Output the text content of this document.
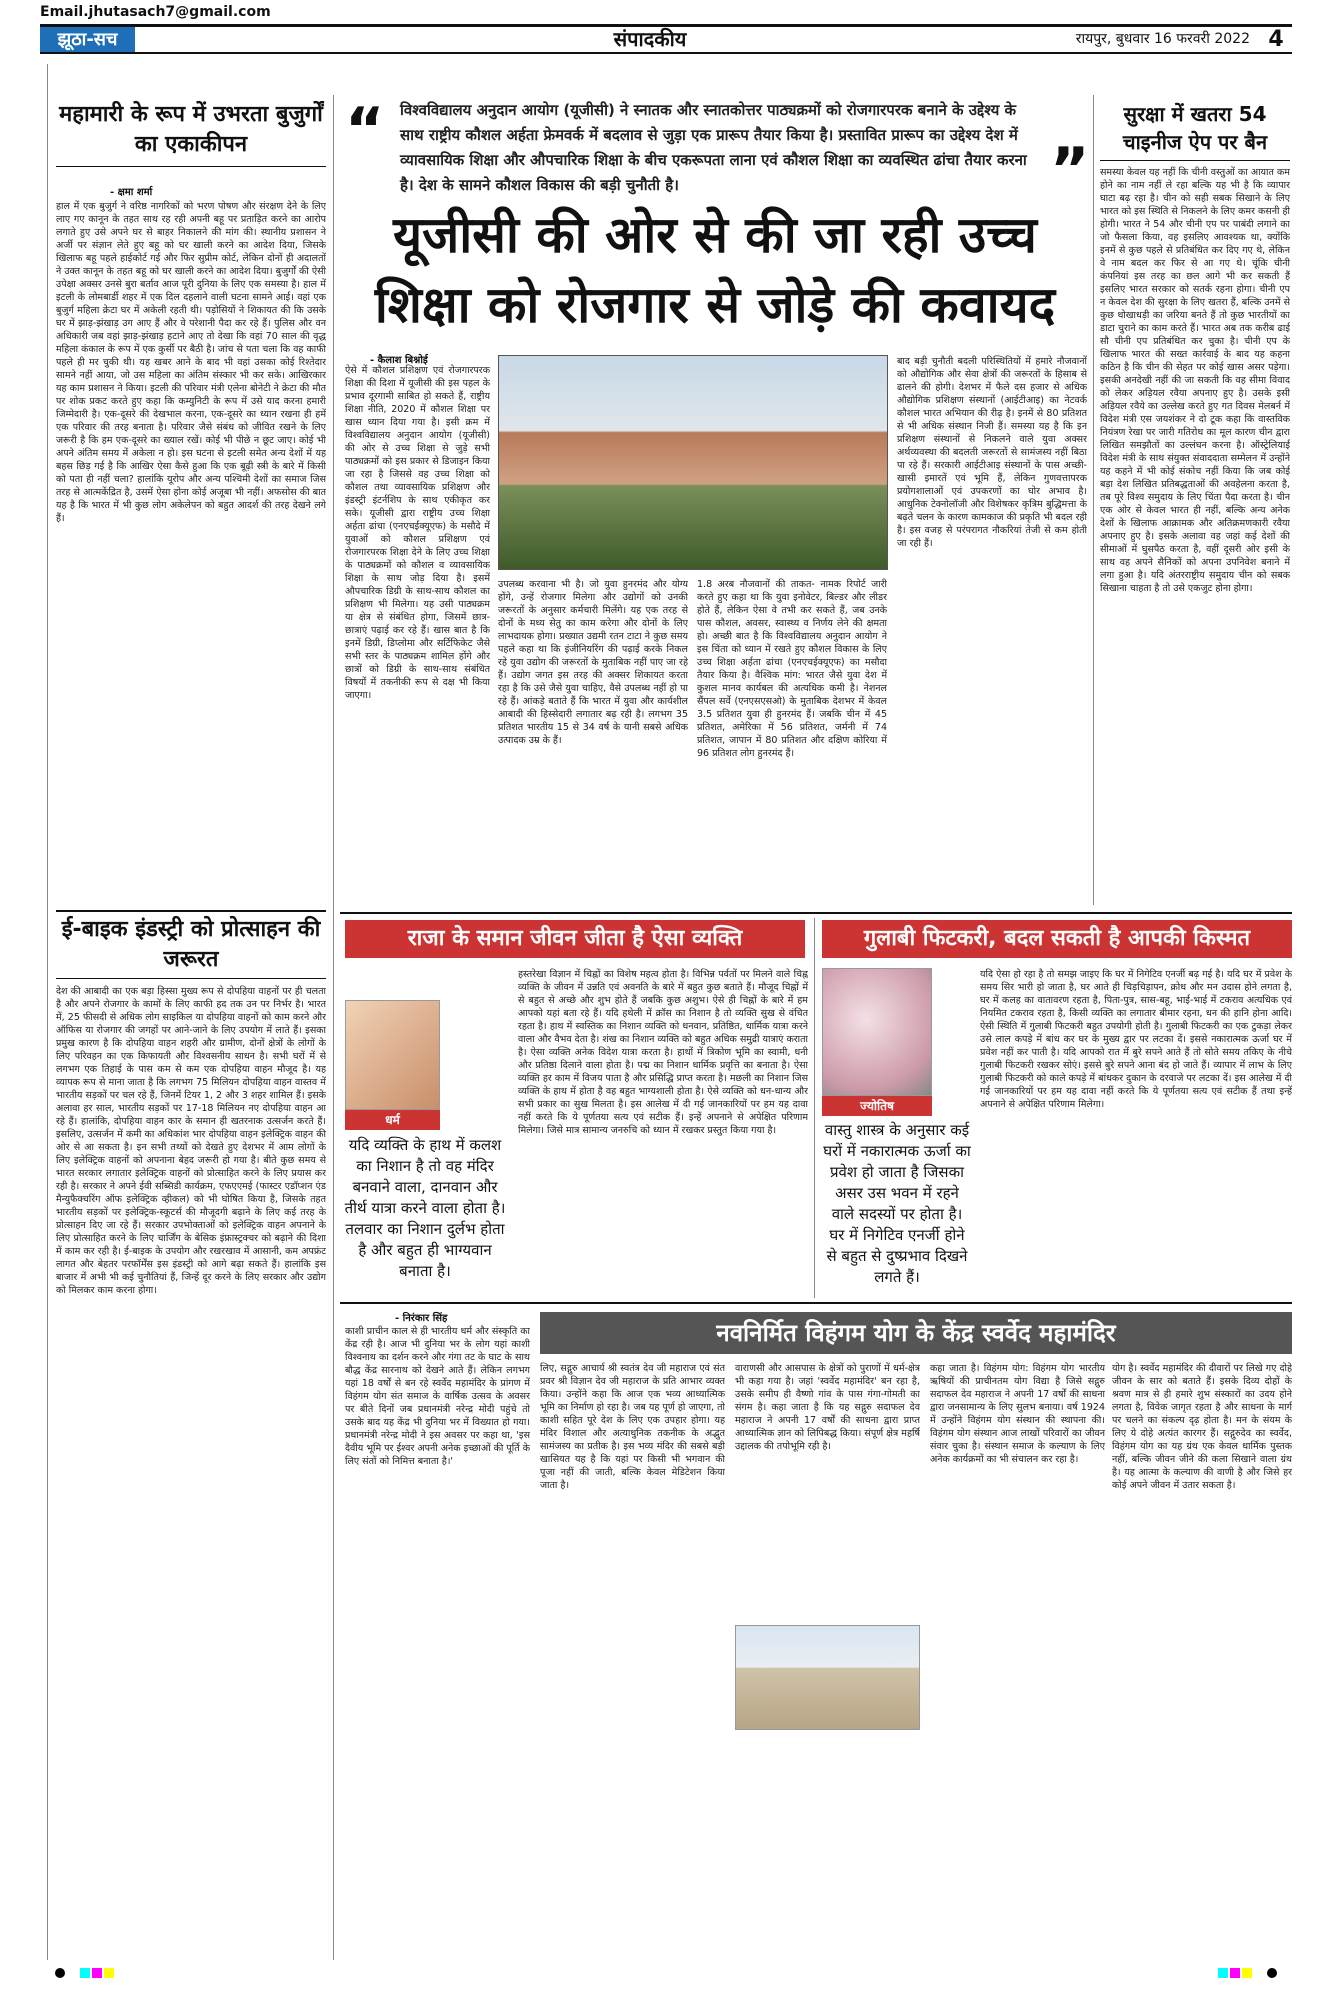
Email.jhutasach7@gmail.com
झूठा-सच	संपादकीय	रायपुर, बुधवार 16 फरवरी 2022 4
महामारी के रूप में उभरता बुजुर्गों का एकाकीपन
- क्षमा शर्मा
हाल में एक बुजुर्ग ने वरिष्ठ नागरिकों को भरण पोषण और संरक्षण देने के लिए लाए गए कानून के तहत साथ रह रही अपनी बहू पर प्रताड़ित करने का आरोप लगाते हुए उसे अपने घर से बाहर निकालने की मांग की। स्थानीय प्रशासन ने अर्जी पर संज्ञान लेते हुए बहू को घर खाली करने का आदेश दिया, जिसके खिलाफ बहू पहले हाईकोर्ट गई और फिर सुप्रीम कोर्ट, लेकिन दोनों ही अदालतों ने उक्त कानून के तहत बहू को घर खाली करने का आदेश दिया। बुजुर्गों की ऐसी उपेक्षा अक्सर उनसे बुरा बर्ताव आज पूरी दुनिया के लिए एक समस्या है। हाल में इटली के लोमबार्डी शहर में एक दिल दहलाने वाली घटना सामने आई। वहां एक बुजुर्ग महिला क्रेटा घर में अकेली रहती थी। पड़ोसियों ने शिकायत की कि उसके घर में झाड़-झंखाड़ उग आए हैं और वे परेशानी पैदा कर रहे हैं। पुलिस और वन अधिकारी जब वहां झाड़-झंखाड़ हटाने आए तो देखा कि वहां 70 साल की वृद्ध महिला कंकाल के रूप में एक कुर्सी पर बैठी है। जांच से पता चला कि वह काफी पहले ही मर चुकी थी। यह खबर आने के बाद भी वहां उसका कोई रिश्तेदार सामने नहीं आया, जो उस महिला का अंतिम संस्कार भी कर सके। आखिरकार यह काम प्रशासन ने किया। इटली की परिवार मंत्री एलेना बोनेटी ने क्रेटा की मौत पर शोक प्रकट करते हुए कहा कि कम्युनिटी के रूप में उसे याद करना हमारी जिम्मेदारी है। एक-दूसरे की देखभाल करना, एक-दूसरे का ध्यान रखना ही हमें एक परिवार की तरह बनाता है। परिवार जैसे संबंध को जीवित रखने के लिए जरूरी है कि हम एक-दूसरे का ख्याल रखें। कोई भी पीछे न छूट जाए। कोई भी अपने अंतिम समय में अकेला न हो। इस घटना से इटली समेत अन्य देशों में यह बहस छिड़ गई है कि आखिर ऐसा कैसे हुआ कि एक बूढ़ी स्त्री के बारे में किसी को पता ही नहीं चला? हालांकि यूरोप और अन्य पश्चिमी देशों का समाज जिस तरह से आत्मकेंद्रित है, उसमें ऐसा होना कोई अजूबा भी नहीं। अफसोस की बात यह है कि भारत में भी कुछ लोग अकेलेपन को बहुत आदर्श की तरह देखने लगे हैं।
ई-बाइक इंडस्ट्री को प्रोत्साहन की जरूरत
देश की आबादी का एक बड़ा हिस्सा मुख्य रूप से दोपहिया वाहनों पर ही चलता है और अपने रोजगार के कामों के लिए काफी हद तक उन पर निर्भर है। भारत में, 25 फीसदी से अधिक लोग साइकिल या दोपहिया वाहनों को काम करने और ऑफिस या रोजगार की जगहों पर आने-जाने के लिए उपयोग में लाते हैं। इसका प्रमुख कारण है कि दोपहिया वाहन शहरी और ग्रामीण, दोनों क्षेत्रों के लोगों के लिए परिवहन का एक किफायती और विश्वसनीय साधन है। सभी घरों में से लगभग एक तिहाई के पास कम से कम एक दोपहिया वाहन मौजूद है। यह व्यापक रूप से माना जाता है कि लगभग 75 मिलियन दोपहिया वाहन वास्तव में भारतीय सड़कों पर चल रहे हैं, जिनमें टियर 1, 2 और 3 शहर शामिल हैं। इसके अलावा हर साल, भारतीय सड़कों पर 17-18 मिलियन नए दोपहिया वाहन आ रहे हैं। हालांकि, दोपहिया वाहन कार के समान ही खतरनाक उत्सर्जन करते हैं। इसलिए, उत्सर्जन में कमी का अधिकांश भार दोपहिया वाहन इलेक्ट्रिक वाहन की ओर से आ सकता है। इन सभी तथ्यों को देखते हुए देशभर में आम लोगों के लिए इलेक्ट्रिक वाहनों को अपनाना बेहद जरूरी हो गया है। बीते कुछ समय से भारत सरकार लगातार इलेक्ट्रिक वाहनों को प्रोत्साहित करने के लिए प्रयास कर रही है। सरकार ने अपने ईवी सब्सिडी कार्यक्रम, एफएएमई (फास्टर एडॉप्शन एंड मैन्युफैक्चरिंग ऑफ इलेक्ट्रिक व्हीकल) को भी घोषित किया है, जिसके तहत भारतीय सड़कों पर इलेक्ट्रिक-स्कूटर्स की मौजूदगी बढ़ाने के लिए कई तरह के प्रोत्साहन दिए जा रहे हैं। सरकार उपभोक्ताओं को इलेक्ट्रिक वाहन अपनाने के लिए प्रोत्साहित करने के लिए चार्जिंग के बेसिक इंफ्रास्ट्रक्चर को बढ़ाने की दिशा में काम कर रही है। ई-बाइक के उपयोग और रखरखाव में आसानी, कम अपफ्रंट लागत और बेहतर परफॉर्मेंस इस इंडस्ट्री को आगे बढ़ा सकते हैं। हालांकि इस बाजार में अभी भी कई चुनौतियां हैं, जिन्हें दूर करने के लिए सरकार और उद्योग को मिलकर काम करना होगा।
“ विश्वविद्यालय अनुदान आयोग (यूजीसी) ने स्नातक और स्नातकोत्तर पाठ्यक्रमों को रोजगारपरक बनाने के उद्देश्य के साथ राष्ट्रीय कौशल अर्हता फ्रेमवर्क में बदलाव से जुड़ा एक प्रारूप तैयार किया है। प्रस्तावित प्रारूप का उद्देश्य देश में व्यावसायिक शिक्षा और औपचारिक शिक्षा के बीच एकरूपता लाना एवं कौशल शिक्षा का व्यवस्थित ढांचा तैयार करना है। देश के सामने कौशल विकास की बड़ी चुनौती है।	”
यूजीसी की ओर से की जा रही उच्च शिक्षा को रोजगार से जोड़े की कवायद
- कैलाश बिश्नोई
ऐसे में कौशल प्रशिक्षण एवं रोजगारपरक शिक्षा की दिशा में यूजीसी की इस पहल के प्रभाव दूरगामी साबित हो सकते हैं, राष्ट्रीय शिक्षा नीति, 2020 में कौशल शिक्षा पर खास ध्यान दिया गया है। इसी क्रम में विश्वविद्यालय अनुदान आयोग (यूजीसी) की ओर से उच्च शिक्षा से जुड़े सभी पाठ्यक्रमों को इस प्रकार से डिजाइन किया जा रहा है जिससे वह उच्च शिक्षा को कौशल तथा व्यावसायिक प्रशिक्षण और इंडस्ट्री इंटर्नशिप के साथ एकीकृत कर सके। यूजीसी द्वारा राष्ट्रीय उच्च शिक्षा अर्हता ढांचा (एनएचईक्यूएफ) के मसौदे में युवाओं को कौशल प्रशिक्षण एवं रोजगारपरक शिक्षा देने के लिए उच्च शिक्षा के पाठ्यक्रमों को कौशल व व्यावसायिक शिक्षा के साथ जोड़ दिया है। इसमें औपचारिक डिग्री के साथ-साथ कौशल का प्रशिक्षण भी मिलेगा। यह उसी पाठ्यक्रम या क्षेत्र से संबंधित होगा, जिसमें छात्र-छात्राएं पढ़ाई कर रहे हैं। खास बात है कि इनमें डिग्री, डिप्लोमा और सर्टिफिकेट जैसे सभी स्तर के पाठ्यक्रम शामिल होंगे और छात्रों को डिग्री के साथ-साथ संबंधित विषयों में तकनीकी रूप से दक्ष भी किया जाएगा।
उपलब्ध करवाना भी है। जो युवा हुनरमंद और योग्य होंगे, उन्हें रोजगार मिलेगा और उद्योगों को उनकी जरूरतों के अनुसार कर्मचारी मिलेंगे। यह एक तरह से दोनों के मध्य सेतु का काम करेगा और दोनों के लिए लाभदायक होगा। प्रख्यात उद्यमी रतन टाटा ने कुछ समय पहले कहा था कि इंजीनियरिंग की पढ़ाई करके निकल रहे युवा उद्योग की जरूरतों के मुताबिक नहीं पाए जा रहे हैं। उद्योग जगत इस तरह की अक्सर शिकायत करता रहा है कि उसे जैसे युवा चाहिए, वैसे उपलब्ध नहीं हो पा रहे हैं। आंकड़े बताते हैं कि भारत में युवा और कार्यशील आबादी की हिस्सेदारी लगातार बढ़ रही है। लगभग 35 प्रतिशत भारतीय 15 से 34 वर्ष के यानी सबसे अधिक उत्पादक उम्र के हैं।
1.8 अरब नौजवानों की ताकत- नामक रिपोर्ट जारी करते हुए कहा था कि युवा इनोवेटर, बिल्डर और लीडर होते हैं, लेकिन ऐसा वे तभी कर सकते हैं, जब उनके पास कौशल, अवसर, स्वास्थ्य व निर्णय लेने की क्षमता हो। अच्छी बात है कि विश्वविद्यालय अनुदान आयोग ने इस चिंता को ध्यान में रखते हुए कौशल विकास के लिए उच्च शिक्षा अर्हता ढांचा (एनएचईक्यूएफ) का मसौदा तैयार किया है। वैश्विक मांग: भारत जैसे युवा देश में कुशल मानव कार्यबल की अत्यधिक कमी है। नेशनल सैंपल सर्वे (एनएसएसओ) के मुताबिक देशभर में केवल 3.5 प्रतिशत युवा ही हुनरमंद हैं। जबकि चीन में 45 प्रतिशत, अमेरिका में 56 प्रतिशत, जर्मनी में 74 प्रतिशत, जापान में 80 प्रतिशत और दक्षिण कोरिया में 96 प्रतिशत लोग हुनरमंद हैं।
बाद बड़ी चुनौती बदली परिस्थितियों में हमारे नौजवानों को औद्योगिक और सेवा क्षेत्रों की जरूरतों के हिसाब से ढालने की होगी। देशभर में फैले दस हजार से अधिक औद्योगिक प्रशिक्षण संस्थानों (आईटीआइ) का नेटवर्क कौशल भारत अभियान की रीढ़ है। इनमें से 80 प्रतिशत से भी अधिक संस्थान निजी हैं। समस्या यह है कि इन प्रशिक्षण संस्थानों से निकलने वाले युवा अक्सर अर्थव्यवस्था की बदलती जरूरतों से सामंजस्य नहीं बिठा पा रहे हैं। सरकारी आईटीआइ संस्थानों के पास अच्छी-खासी इमारतें एवं भूमि हैं, लेकिन गुणवत्तापरक प्रयोगशालाओं एवं उपकरणों का घोर अभाव है। आधुनिक टेक्नोलॉजी और विशेषकर कृत्रिम बुद्धिमत्ता के बढ़ते चलन के कारण कामकाज की प्रकृति भी बदल रही है। इस वजह से परंपरागत नौकरियां तेजी से कम होती जा रही हैं।
सुरक्षा में खतरा 54 चाइनीज ऐप पर बैन
समस्या केवल यह नहीं कि चीनी वस्तुओं का आयात कम होने का नाम नहीं ले रहा बल्कि यह भी है कि व्यापार घाटा बढ़ रहा है। चीन को सही सबक सिखाने के लिए भारत को इस स्थिति से निकलने के लिए कमर कसनी ही होगी। भारत ने 54 और चीनी एप पर पाबंदी लगाने का जो फैसला किया, वह इसलिए आवश्यक था, क्योंकि इनमें से कुछ पहले से प्रतिबंधित कर दिए गए थे, लेकिन वे नाम बदल कर फिर से आ गए थे। चूंकि चीनी कंपनियां इस तरह का छल आगे भी कर सकती हैं इसलिए भारत सरकार को सतर्क रहना होगा। चीनी एप न केवल देश की सुरक्षा के लिए खतरा हैं, बल्कि उनमें से कुछ धोखाधड़ी का जरिया बनते हैं तो कुछ भारतीयों का डाटा चुराने का काम करते हैं। भारत अब तक करीब ढाई सौ चीनी एप प्रतिबंधित कर चुका है। चीनी एप के खिलाफ भारत की सख्त कार्रवाई के बाद यह कहना कठिन है कि चीन की सेहत पर कोई खास असर पड़ेगा। इसकी अनदेखी नहीं की जा सकती कि वह सीमा विवाद को लेकर अड़ियल रवैया अपनाए हुए है। उसके इसी अड़ियल रवैये का उल्लेख करते हुए गत दिवस मेलबर्न में विदेश मंत्री एस जयशंकर ने दो टूक कहा कि वास्तविक नियंत्रण रेखा पर जारी गतिरोध का मूल कारण चीन द्वारा लिखित समझौतों का उल्लंघन करना है। ऑस्ट्रेलियाई विदेश मंत्री के साथ संयुक्त संवाददाता सम्मेलन में उन्होंने यह कहने में भी कोई संकोच नहीं किया कि जब कोई बड़ा देश लिखित प्रतिबद्धताओं की अवहेलना करता है, तब पूरे विश्व समुदाय के लिए चिंता पैदा करता है। चीन एक ओर से केवल भारत ही नहीं, बल्कि अन्य अनेक देशों के खिलाफ आक्रामक और अतिक्रमणकारी रवैया अपनाए हुए है। इसके अलावा वह जहां कई देशों की सीमाओं में घुसपैठ करता है, वहीं दूसरी ओर इसी के साथ वह अपने सैनिकों को अपना उपनिवेश बनाने में लगा हुआ है। यदि अंतरराष्ट्रीय समुदाय चीन को सबक सिखाना चाहता है तो उसे एकजुट होना होगा।
राजा के समान जीवन जीता है ऐसा व्यक्ति
धर्म
यदि व्यक्ति के हाथ में कलश का निशान है तो वह मंदिर बनवाने वाला, दानवान और तीर्थ यात्रा करने वाला होता है। तलवार का निशान दुर्लभ होता है और बहुत ही भाग्यवान बनाता है।
हस्तरेखा विज्ञान में चिह्नों का विशेष महत्व होता है। विभिन्न पर्वतों पर मिलने वाले चिह्न व्यक्ति के जीवन में उन्नति एवं अवनति के बारे में बहुत कुछ बताते हैं। मौजूद चिह्नों में से बहुत से अच्छे और शुभ होते हैं जबकि कुछ अशुभ। ऐसे ही चिह्नों के बारे में हम आपको यहां बता रहे हैं। यदि हथेली में क्रॉस का निशान है तो व्यक्ति सुख से वंचित रहता है। हाथ में स्वस्तिक का निशान व्यक्ति को धनवान, प्रतिष्ठित, धार्मिक यात्रा करने वाला और वैभव देता है। शंख का निशान व्यक्ति को बहुत अधिक समुद्री यात्राएं कराता है। ऐसा व्यक्ति अनेक विदेश यात्रा करता है। हाथों में त्रिकोण भूमि का स्वामी, धनी और प्रतिष्ठा दिलाने वाला होता है। पद्म का निशान धार्मिक प्रवृत्ति का बनाता है। ऐसा व्यक्ति हर काम में विजय पाता है और प्रसिद्धि प्राप्त करता है। मछली का निशान जिस व्यक्ति के हाथ में होता है वह बहुत भाग्यशाली होता है। ऐसे व्यक्ति को धन-धान्य और सभी प्रकार का सुख मिलता है। इस आलेख में दी गई जानकारियों पर हम यह दावा नहीं करते कि ये पूर्णतया सत्य एवं सटीक हैं। इन्हें अपनाने से अपेक्षित परिणाम मिलेगा। जिसे मात्र सामान्य जनरुचि को ध्यान में रखकर प्रस्तुत किया गया है।
गुलाबी फिटकरी, बदल सकती है आपकी किस्मत
ज्योतिष
वास्तु शास्त्र के अनुसार कई घरों में नकारात्मक ऊर्जा का प्रवेश हो जाता है जिसका असर उस भवन में रहने वाले सदस्यों पर होता है। घर में निगेटिव एनर्जी होने से बहुत से दुष्प्रभाव दिखने लगते हैं।
यदि ऐसा हो रहा है तो समझ जाइए कि घर में निगेटिव एनर्जी बढ़ गई है। यदि घर में प्रवेश के समय सिर भारी हो जाता है, घर आते ही चिड़चिड़ापन, क्रोध और मन उदास होने लगता है, घर में कलह का वातावरण रहता है, पिता-पुत्र, सास-बहू, भाई-भाई में टकराव अत्यधिक एवं नियमित टकराव रहता है, किसी व्यक्ति का लगातार बीमार रहना, धन की हानि होना आदि। ऐसी स्थिति में गुलाबी फिटकरी बहुत उपयोगी होती है। गुलाबी फिटकरी का एक टुकड़ा लेकर उसे लाल कपड़े में बांध कर घर के मुख्य द्वार पर लटका दें। इससे नकारात्मक ऊर्जा घर में प्रवेश नहीं कर पाती है। यदि आपको रात में बुरे सपने आते हैं तो सोते समय तकिए के नीचे गुलाबी फिटकरी रखकर सोएं। इससे बुरे सपने आना बंद हो जाते हैं। व्यापार में लाभ के लिए गुलाबी फिटकरी को काले कपड़े में बांधकर दुकान के दरवाजे पर लटका दें। इस आलेख में दी गई जानकारियों पर हम यह दावा नहीं करते कि ये पूर्णतया सत्य एवं सटीक हैं तथा इन्हें अपनाने से अपेक्षित परिणाम मिलेगा।
- निरंकार सिंह
नवनिर्मित विहंगम योग के केंद्र स्वर्वेद महामंदिर
काशी प्राचीन काल से ही भारतीय धर्म और संस्कृति का केंद्र रही है। आज भी दुनिया भर के लोग यहां काशी विश्वनाथ का दर्शन करने और गंगा तट के घाट के साथ बौद्ध केंद्र सारनाथ को देखने आते हैं। लेकिन लगभग यहां 18 वर्षों से बन रहे स्वर्वेद महामंदिर के प्रांगण में विहंगम योग संत समाज के वार्षिक उत्सव के अवसर पर बीते दिनों जब प्रधानमंत्री नरेन्द्र मोदी पहुंचे तो उसके बाद यह केंद्र भी दुनिया भर में विख्यात हो गया। प्रधानमंत्री नरेन्द्र मोदी ने इस अवसर पर कहा था, 'इस दैवीय भूमि पर ईश्वर अपनी अनेक इच्छाओं की पूर्ति के लिए संतों को निमित्त बनाता है।'
लिए, सद्गुरु आचार्य श्री स्वतंत्र देव जी महाराज एवं संत प्रवर श्री विज्ञान देव जी महाराज के प्रति आभार व्यक्त किया। उन्होंने कहा कि आज एक भव्य आध्यात्मिक भूमि का निर्माण हो रहा है। जब यह पूर्ण हो जाएगा, तो काशी सहित पूरे देश के लिए एक उपहार होगा। यह मंदिर विशाल और अत्याधुनिक तकनीक के अद्भुत सामंजस्य का प्रतीक है। इस भव्य मंदिर की सबसे बड़ी खासियत यह है कि यहां पर किसी भी भगवान की पूजा नहीं की जाती, बल्कि केवल मेडिटेशन किया जाता है।
वाराणसी और आसपास के क्षेत्रों को पुराणों में धर्म-क्षेत्र भी कहा गया है। जहां 'स्वर्वेद महामंदिर' बन रहा है, उसके समीप ही वैष्णो गांव के पास गंगा-गोमती का संगम है। कहा जाता है कि यह सद्गुरु सदाफल देव महाराज ने अपनी 17 वर्षों की साधना द्वारा प्राप्त आध्यात्मिक ज्ञान को लिपिबद्ध किया। संपूर्ण क्षेत्र महर्षि उद्दालक की तपोभूमि रही है।
कहा जाता है। विहंगम योग: विहंगम योग भारतीय ऋषियों की प्राचीनतम योग विद्या है जिसे सद्गुरु सदाफल देव महाराज ने अपनी 17 वर्षों की साधना द्वारा जनसामान्य के लिए सुलभ बनाया। वर्ष 1924 में उन्होंने विहंगम योग संस्थान की स्थापना की। विहंगम योग संस्थान आज लाखों परिवारों का जीवन संवार चुका है। संस्थान समाज के कल्याण के लिए अनेक कार्यक्रमों का भी संचालन कर रहा है।
योग है। स्वर्वेद महामंदिर की दीवारों पर लिखे गए दोहे जीवन के सार को बताते हैं। इसके दिव्य दोहों के श्रवण मात्र से ही हमारे शुभ संस्कारों का उदय होने लगता है, विवेक जागृत रहता है और साधना के मार्ग पर चलने का संकल्प दृढ़ होता है। मन के संयम के लिए ये दोहे अत्यंत कारगर हैं। सद्गुरुदेव का स्वर्वेद, विहंगम योग का यह ग्रंथ एक केवल धार्मिक पुस्तक नहीं, बल्कि जीवन जीने की कला सिखाने वाला ग्रंथ है। यह आत्मा के कल्याण की वाणी है और जिसे हर कोई अपने जीवन में उतार सकता है।
